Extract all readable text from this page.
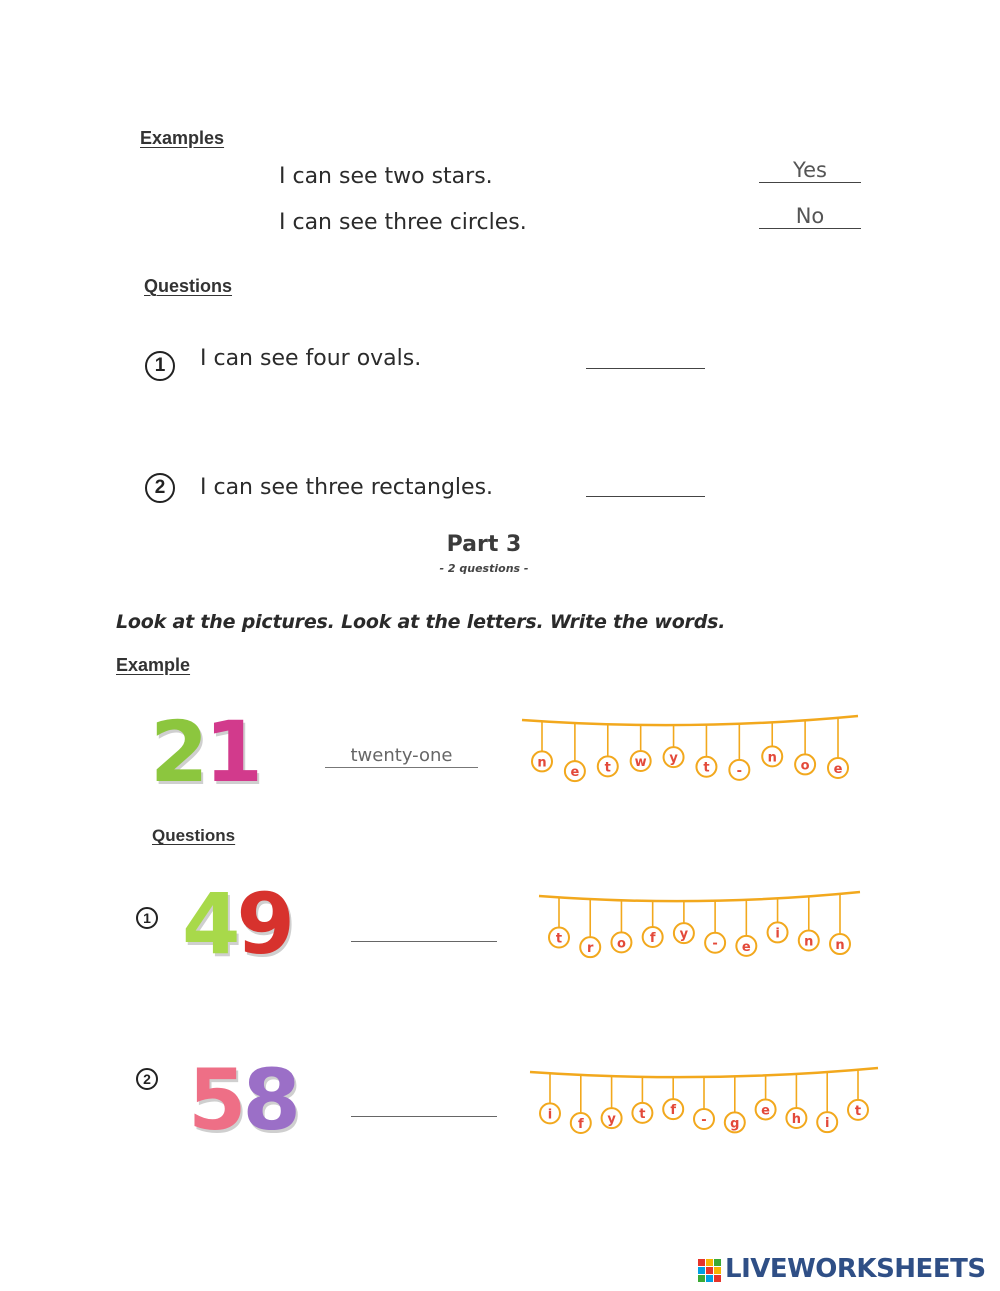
Examples
I can see two stars.	Yes
I can see three circles.	No
Questions
1	I can see four ovals.
2	I can see three rectangles.
Part 3
- 2 questions -
Look at the pictures. Look at the letters. Write the words.
Example
21	twenty-one	n
e t w y
t -
n
o e
Questions
1 49	t
r o f y
- e
i
n n
2 58	i
f y t f
- g
e
h i
t
LIVEWORKSHEETS
